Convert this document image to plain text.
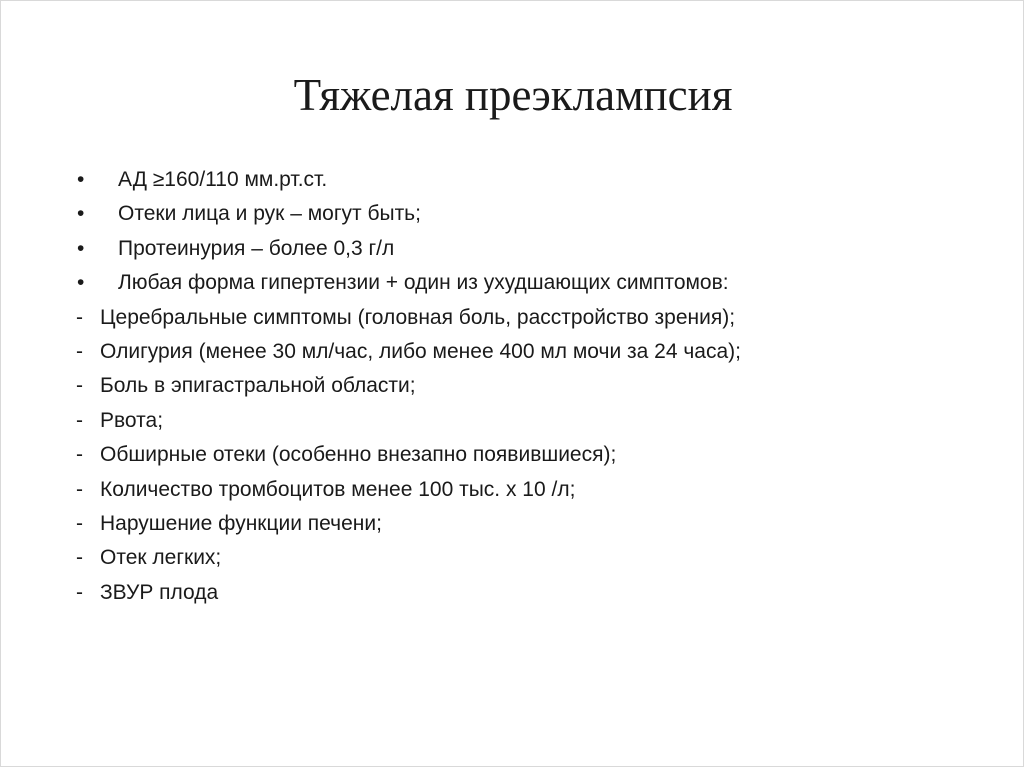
Тяжелая преэклампсия
• АД ≥160/110 мм.рт.ст.
• Отеки лица и рук – могут быть;
• Протеинурия – более 0,3 г/л
• Любая форма гипертензии + один из ухудшающих симптомов:
- Церебральные симптомы (головная боль, расстройство зрения);
- Олигурия (менее 30 мл/час, либо менее 400 мл мочи за 24 часа);
- Боль в эпигастральной области;
- Рвота;
- Обширные отеки (особенно внезапно появившиеся);
- Количество тромбоцитов менее 100 тыс. х 10 /л;
- Нарушение функции печени;
- Отек легких;
- ЗВУР плода
